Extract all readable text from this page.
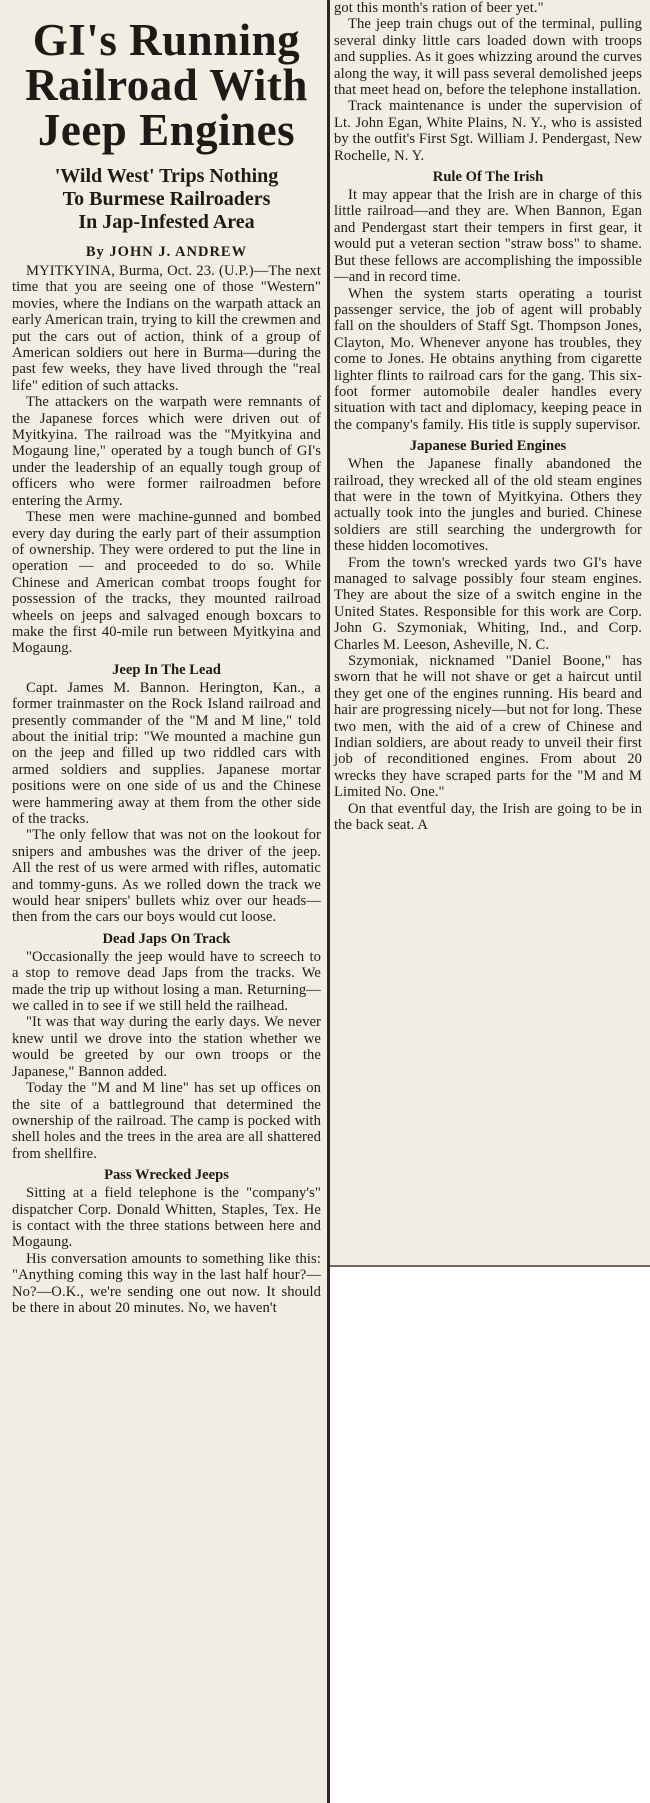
GI's Running
Railroad With
Jeep Engines
'Wild West' Trips Nothing
To Burmese Railroaders
In Jap-Infested Area
By JOHN J. ANDREW
MYITKYINA, Burma, Oct. 23. (U.P.)—The next time that you are seeing one of those "Western" movies, where the Indians on the warpath attack an early American train, trying to kill the crewmen and put the cars out of action, think of a group of American soldiers out here in Burma—during the past few weeks, they have lived through the "real life" edition of such attacks.
The attackers on the warpath were remnants of the Japanese forces which were driven out of Myitkyina. The railroad was the "Myitkyina and Mogaung line," operated by a tough bunch of GI's under the leadership of an equally tough group of officers who were former railroadmen before entering the Army.
These men were machine-gunned and bombed every day during the early part of their assumption of ownership. They were ordered to put the line in operation — and proceeded to do so. While Chinese and American combat troops fought for possession of the tracks, they mounted railroad wheels on jeeps and salvaged enough boxcars to make the first 40-mile run between Myitkyina and Mogaung.
Jeep In The Lead
Capt. James M. Bannon. Herington, Kan., a former trainmaster on the Rock Island railroad and presently commander of the "M and M line," told about the initial trip: "We mounted a machine gun on the jeep and filled up two riddled cars with armed soldiers and supplies. Japanese mortar positions were on one side of us and the Chinese were hammering away at them from the other side of the tracks.
"The only fellow that was not on the lookout for snipers and ambushes was the driver of the jeep. All the rest of us were armed with rifles, automatic and tommy-guns. As we rolled down the track we would hear snipers' bullets whiz over our heads—then from the cars our boys would cut loose.
Dead Japs On Track
"Occasionally the jeep would have to screech to a stop to remove dead Japs from the tracks. We made the trip up without losing a man. Returning—we called in to see if we still held the railhead.
"It was that way during the early days. We never knew until we drove into the station whether we would be greeted by our own troops or the Japanese," Bannon added.
Today the "M and M line" has set up offices on the site of a battleground that determined the ownership of the railroad. The camp is pocked with shell holes and the trees in the area are all shattered from shellfire.
Pass Wrecked Jeeps
Sitting at a field telephone is the "company's" dispatcher Corp. Donald Whitten, Staples, Tex. He is contact with the three stations between here and Mogaung.
His conversation amounts to something like this: "Anything coming this way in the last half hour?—No?—O.K., we're sending one out now. It should be there in about 20 minutes. No, we haven't
got this month's ration of beer yet."
The jeep train chugs out of the terminal, pulling several dinky little cars loaded down with troops and supplies. As it goes whizzing around the curves along the way, it will pass several demolished jeeps that meet head on, before the telephone installation.
Track maintenance is under the supervision of Lt. John Egan, White Plains, N. Y., who is assisted by the outfit's First Sgt. William J. Pendergast, New Rochelle, N. Y.
Rule Of The Irish
It may appear that the Irish are in charge of this little railroad—and they are. When Bannon, Egan and Pendergast start their tempers in first gear, it would put a veteran section "straw boss" to shame. But these fellows are accomplishing the impossible—and in record time.
When the system starts operating a tourist passenger service, the job of agent will probably fall on the shoulders of Staff Sgt. Thompson Jones, Clayton, Mo. Whenever anyone has troubles, they come to Jones. He obtains anything from cigarette lighter flints to railroad cars for the gang. This six-foot former automobile dealer handles every situation with tact and diplomacy, keeping peace in the company's family. His title is supply supervisor.
Japanese Buried Engines
When the Japanese finally abandoned the railroad, they wrecked all of the old steam engines that were in the town of Myitkyina. Others they actually took into the jungles and buried. Chinese soldiers are still searching the undergrowth for these hidden locomotives.
From the town's wrecked yards two GI's have managed to salvage possibly four steam engines. They are about the size of a switch engine in the United States. Responsible for this work are Corp. John G. Szymoniak, Whiting, Ind., and Corp. Charles M. Leeson, Asheville, N. C.
Szymoniak, nicknamed "Daniel Boone," has sworn that he will not shave or get a haircut until they get one of the engines running. His beard and hair are progressing nicely—but not for long. These two men, with the aid of a crew of Chinese and Indian soldiers, are about ready to unveil their first job of reconditioned engines. From about 20 wrecks they have scraped parts for the "M and M Limited No. One."
On that eventful day, the Irish are going to be in the back seat. A
